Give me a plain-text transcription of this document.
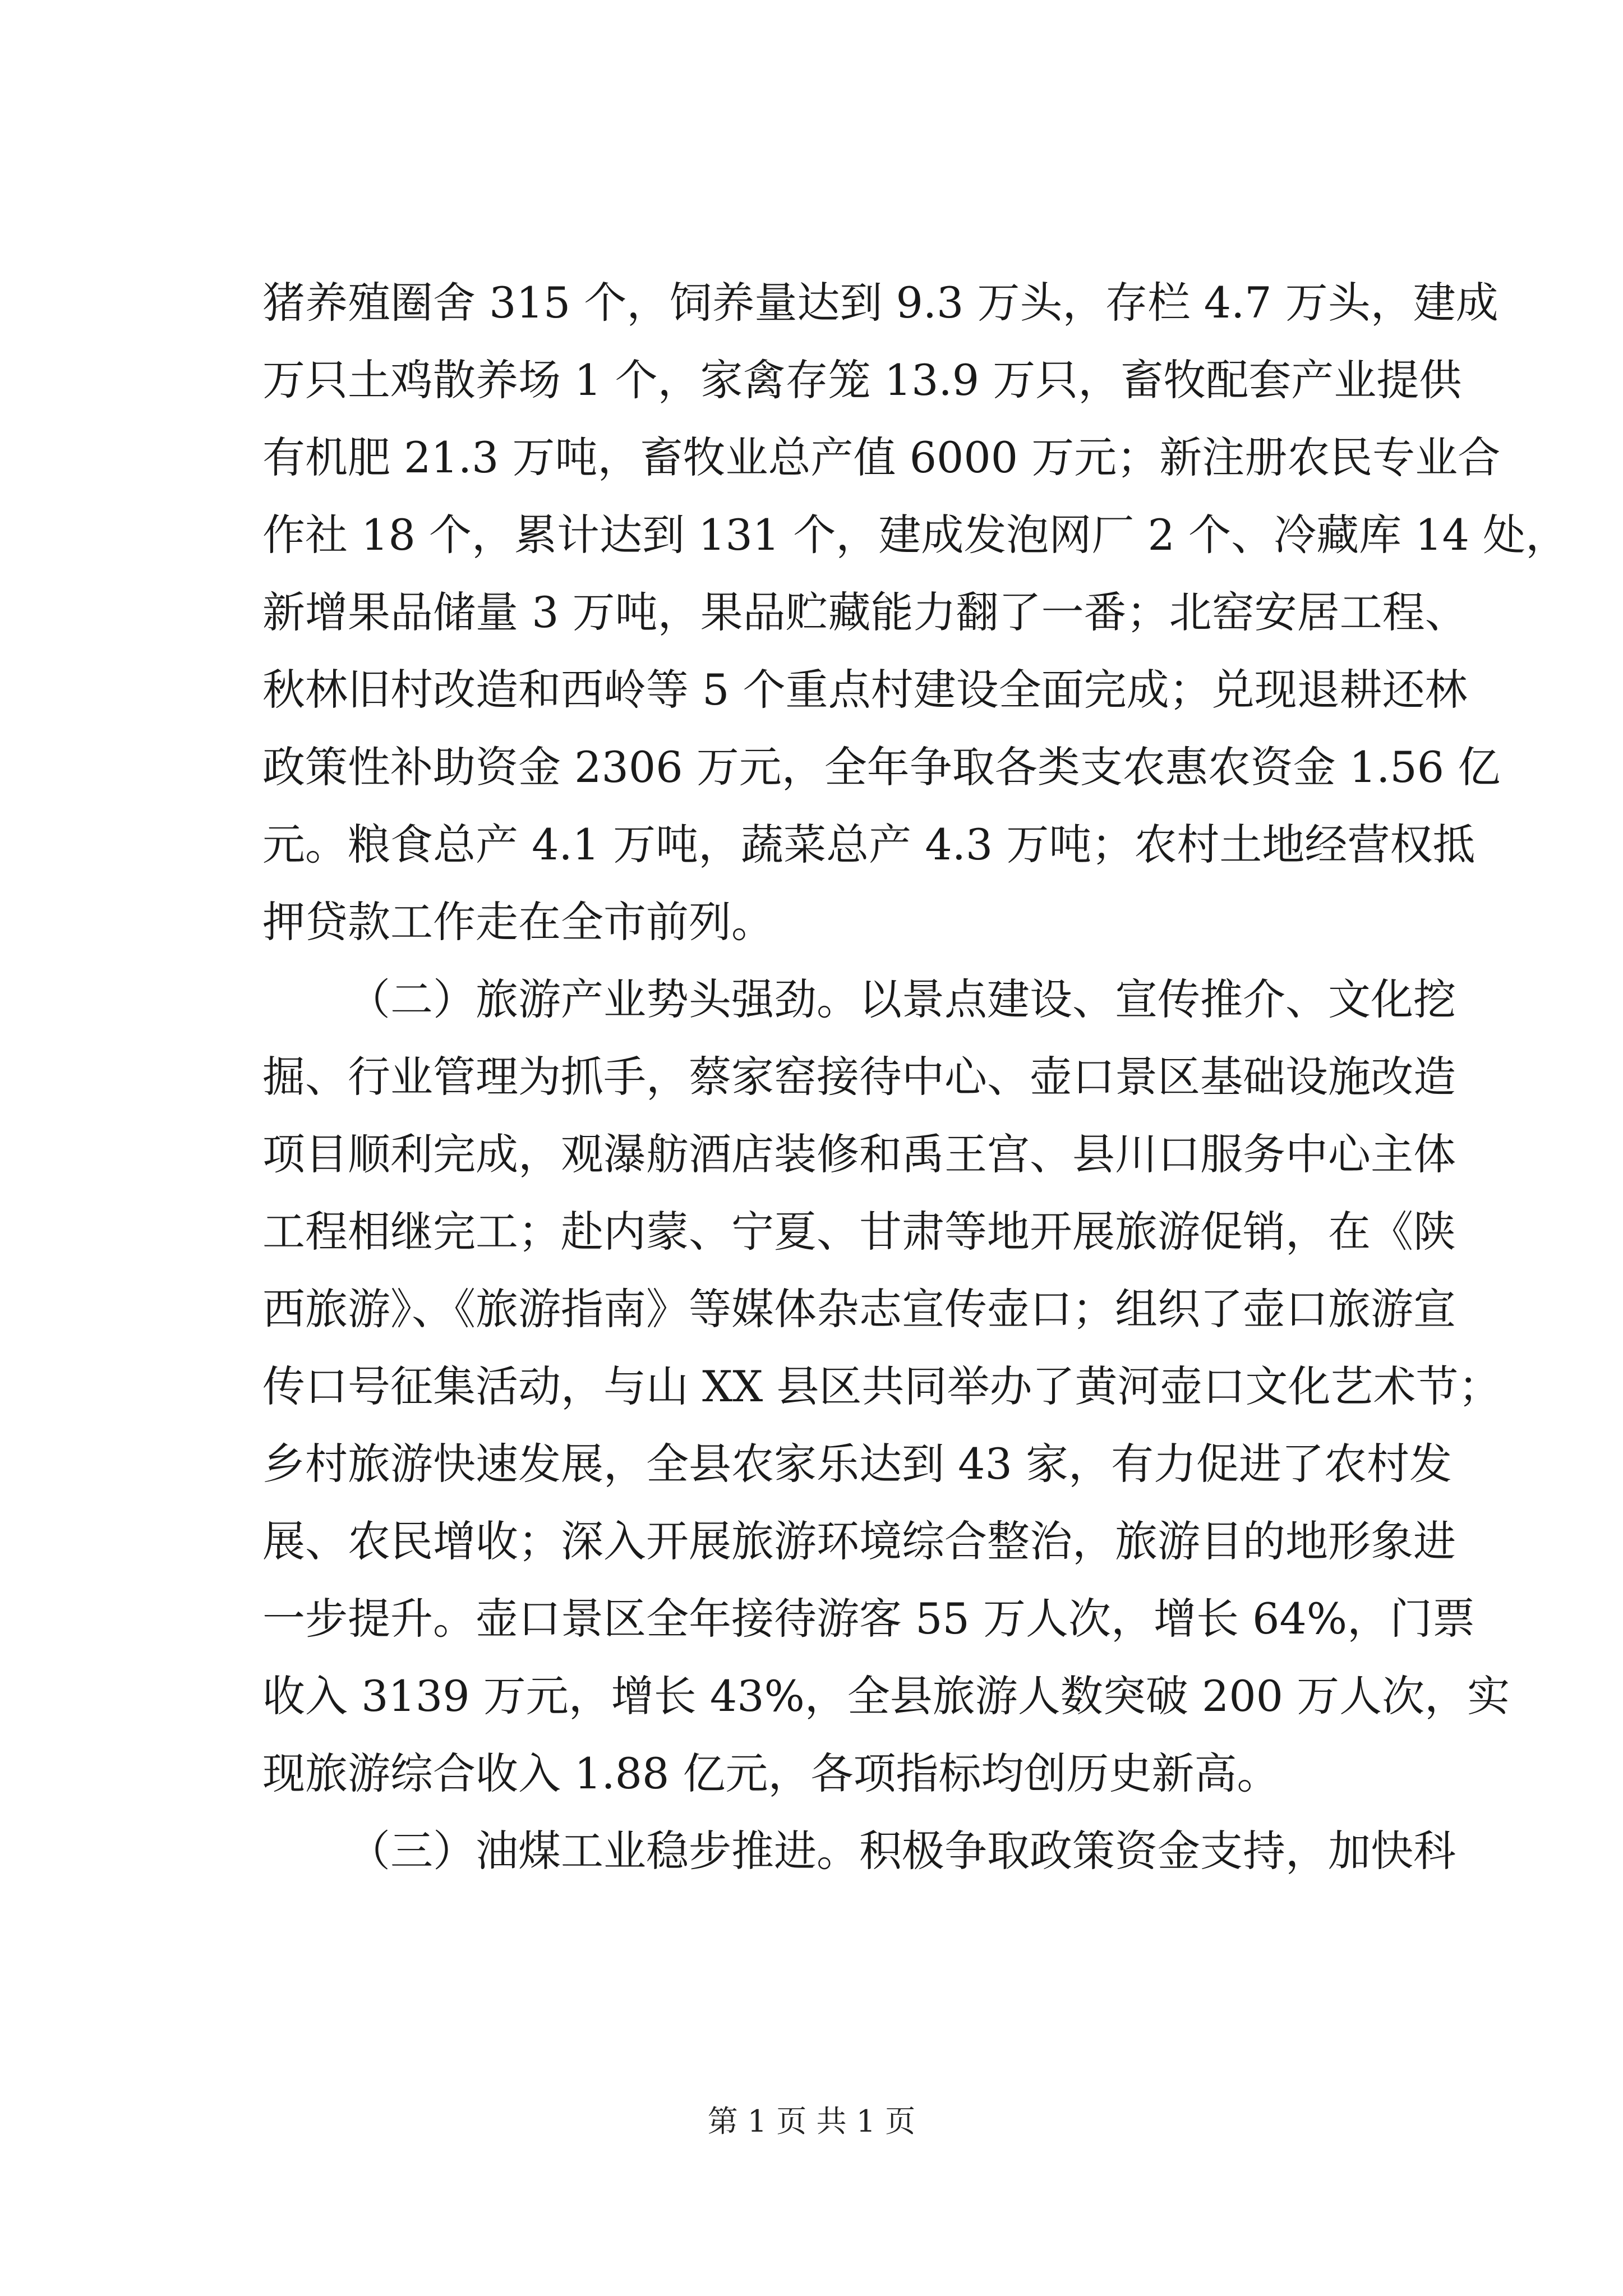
猪养殖圈舍 315 个，饲养量达到 9.3 万头，存栏 4.7 万头，建成
万只土鸡散养场 1 个，家禽存笼 13.9 万只，畜牧配套产业提供
有机肥 21.3 万吨，畜牧业总产值 6000 万元；新注册农民专业合
作社 18 个，累计达到 131 个，建成发泡网厂 2 个、冷藏库 14 处，
新增果品储量 3 万吨，果品贮藏能力翻了一番；北窑安居工程、
秋林旧村改造和西岭等 5 个重点村建设全面完成；兑现退耕还林
政策性补助资金 2306 万元，全年争取各类支农惠农资金 1.56 亿
元。粮食总产 4.1 万吨，蔬菜总产 4.3 万吨；农村土地经营权抵
押贷款工作走在全市前列。
（二）旅游产业势头强劲。以景点建设、宣传推介、文化挖
掘、行业管理为抓手，蔡家窑接待中心、壶口景区基础设施改造
项目顺利完成，观瀑舫酒店装修和禹王宫、县川口服务中心主体
工程相继完工；赴内蒙、宁夏、甘肃等地开展旅游促销，在《陕
西旅游》、《旅游指南》等媒体杂志宣传壶口；组织了壶口旅游宣
传口号征集活动，与山 XX 县区共同举办了黄河壶口文化艺术节；
乡村旅游快速发展，全县农家乐达到 43 家，有力促进了农村发
展、农民增收；深入开展旅游环境综合整治，旅游目的地形象进
一步提升。壶口景区全年接待游客 55 万人次，增长 64%，门票
收入 3139 万元，增长 43%，全县旅游人数突破 200 万人次，实
现旅游综合收入 1.88 亿元，各项指标均创历史新高。
（三）油煤工业稳步推进。积极争取政策资金支持，加快科
第 1 页 共 1 页
